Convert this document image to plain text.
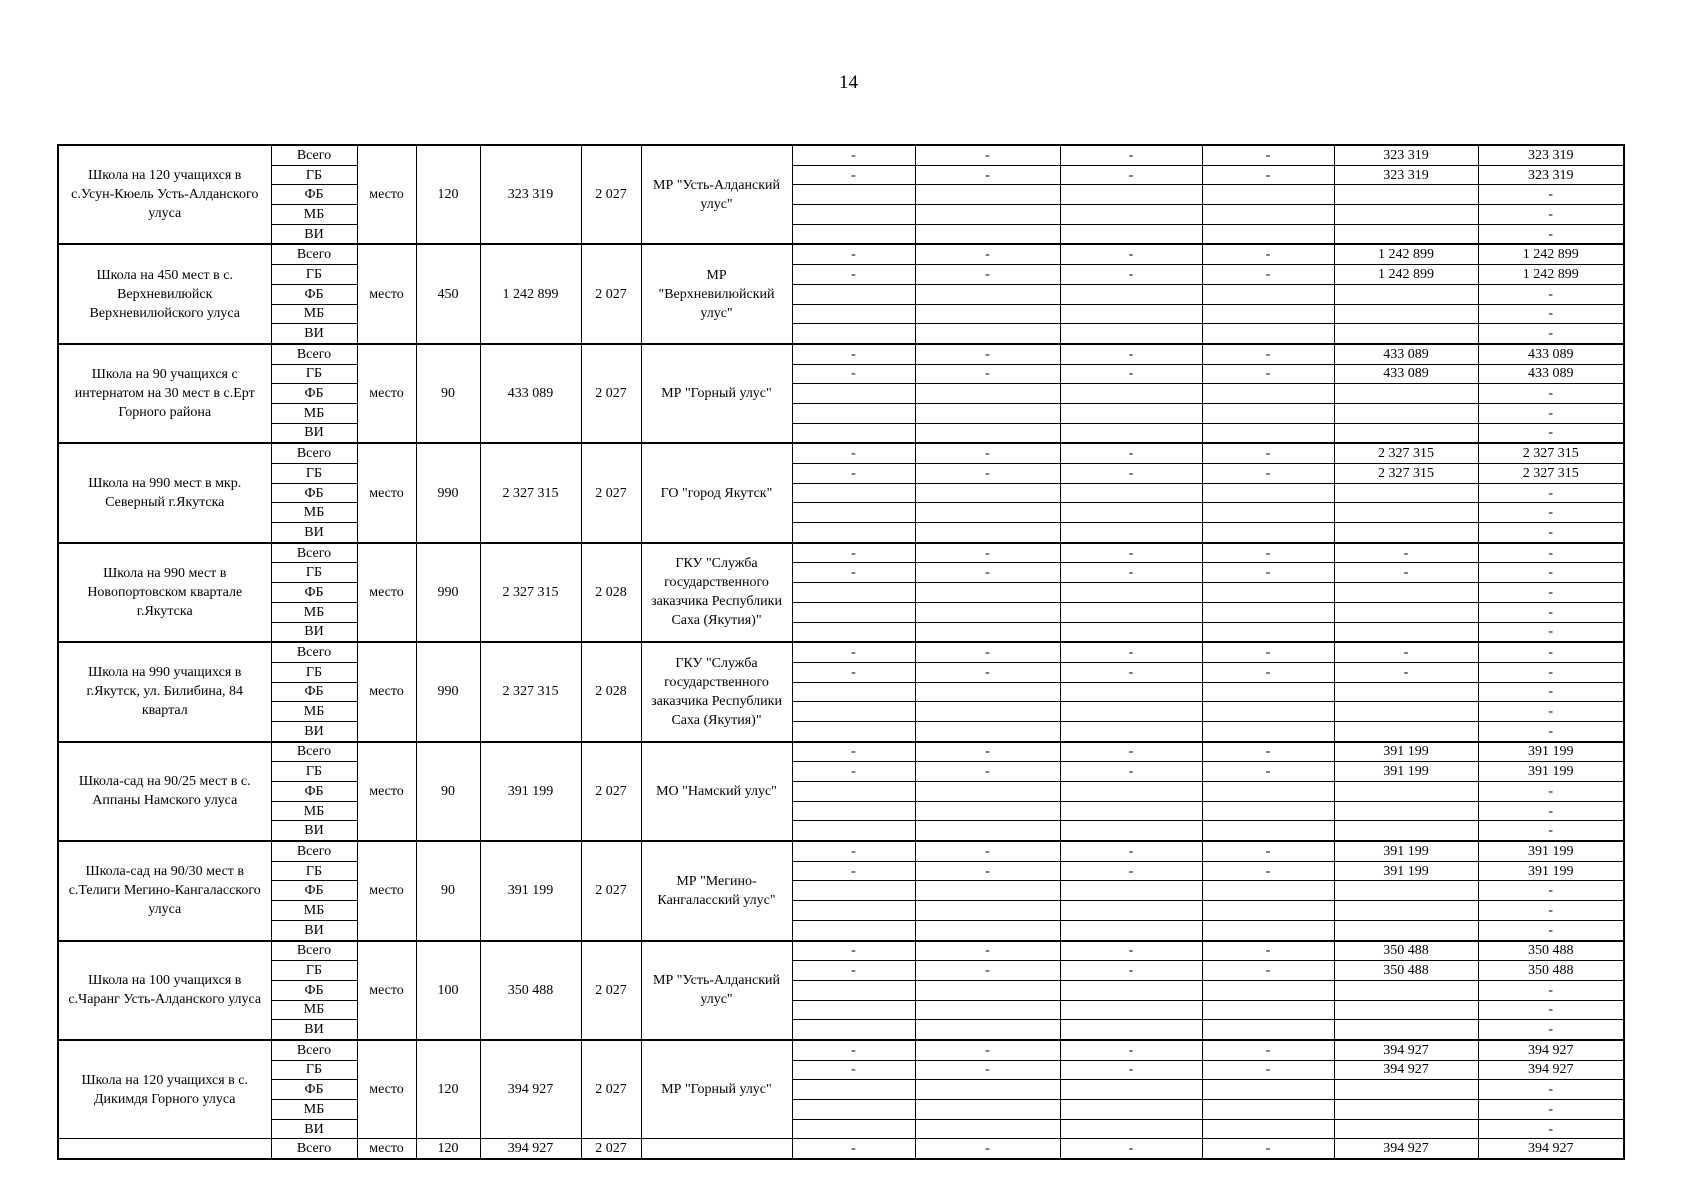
14
Школа на 120 учащихся в с.Усун-Кюель Усть-Алданского улуса	Всего	место	120	323 319	2 027	МР "Усть-Алданский улус"	-	-	-	-	323 319	323 319
	ГБ						-	-	-	-	323 319	323 319
	ФБ											-
	МБ											-
	ВИ											-
Школа на 450 мест в с. Верхневилюйск Верхневилюйского улуса	Всего	место	450	1 242 899	2 027	МР "Верхневилюйский улус"	-	-	-	-	1 242 899	1 242 899
	ГБ						-	-	-	-	1 242 899	1 242 899
	ФБ											-
	МБ											-
	ВИ											-
Школа на 90 учащихся с интернатом на 30 мест в с.Ерт Горного района	Всего	место	90	433 089	2 027	МР "Горный улус"	-	-	-	-	433 089	433 089
	ГБ						-	-	-	-	433 089	433 089
	ФБ											-
	МБ											-
	ВИ											-
Школа на 990 мест в мкр. Северный г.Якутска	Всего	место	990	2 327 315	2 027	ГО "город Якутск"	-	-	-	-	2 327 315	2 327 315
	ГБ						-	-	-	-	2 327 315	2 327 315
	ФБ											-
	МБ											-
	ВИ											-
Школа на 990 мест в Новопортовском квартале г.Якутска	Всего	место	990	2 327 315	2 028	ГКУ "Служба государственного заказчика Республики Саха (Якутия)"	-	-	-	-	-	-
	ГБ						-	-	-	-	-	-
	ФБ											-
	МБ											-
	ВИ											-
Школа на 990 учащихся в г.Якутск, ул. Билибина, 84 квартал	Всего	место	990	2 327 315	2 028	ГКУ "Служба государственного заказчика Республики Саха (Якутия)"	-	-	-	-	-	-
	ГБ						-	-	-	-	-	-
	ФБ											-
	МБ											-
	ВИ											-
Школа-сад на 90/25 мест в с. Аппаны Намского улуса	Всего	место	90	391 199	2 027	МО "Намский улус"	-	-	-	-	391 199	391 199
	ГБ						-	-	-	-	391 199	391 199
	ФБ											-
	МБ											-
	ВИ											-
Школа-сад на 90/30 мест в с.Телиги Мегино-Кангаласского улуса	Всего	место	90	391 199	2 027	МР "Мегино-Кангаласский улус"	-	-	-	-	391 199	391 199
	ГБ						-	-	-	-	391 199	391 199
	ФБ											-
	МБ											-
	ВИ											-
Школа на 100 учащихся в с.Чаранг Усть-Алданского улуса	Всего	место	100	350 488	2 027	МР "Усть-Алданский улус"	-	-	-	-	350 488	350 488
	ГБ						-	-	-	-	350 488	350 488
	ФБ											-
	МБ											-
	ВИ											-
Школа на 120 учащихся в с. Дикимдя Горного улуса	Всего	место	120	394 927	2 027	МР "Горный улус"	-	-	-	-	394 927	394 927
	ГБ						-	-	-	-	394 927	394 927
	ФБ											-
	МБ											-
	ВИ											-
	Всего	место	120	394 927	2 027		-	-	-	-	394 927	394 927
